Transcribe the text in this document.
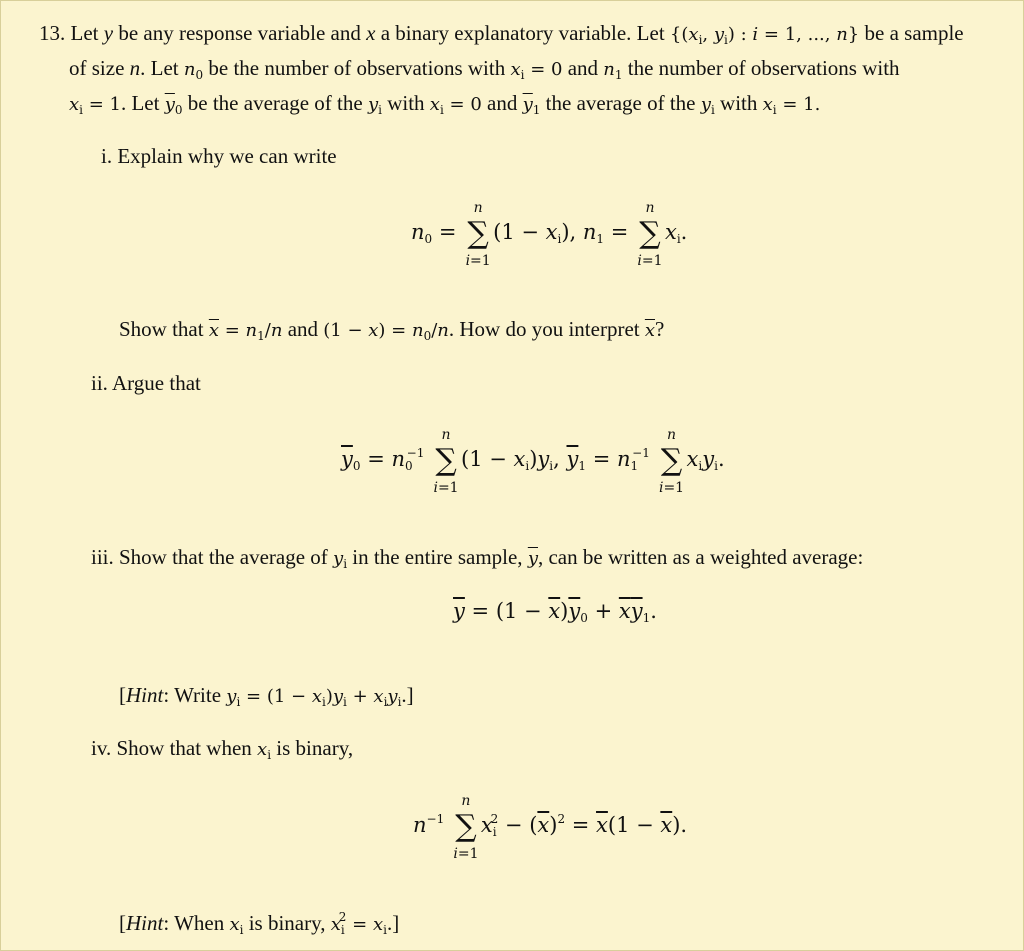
13. Let y be any response variable and x a binary explanatory variable. Let {($x_i$, $y_i$) : i = 1, ..., n} be a sample
of size n. Let $n_0$ be the number of observations with $x_i = 0$ and $n_1$ the number of observations with
$x_i = 1$. Let $\overline{y}_0$ be the average of the $y_i$ with $x_i = 0$ and $\overline{y}_1$ the average of the $y_i$ with $x_i = 1$.
i. Explain why we can write
$n_0$ = ∑
n
i=1
$(1 - x_i)$, $n_1$ = ∑
n
i=1
$x_i$.
Show that $\overline{x} = n_1/n$ and $(1 - x) = n_0/n$. How do you interpret $\overline{x}$?
ii. Argue that
$\overline{y}_0 = n_0^{-1}$ ∑
n
i=1
$(1 - x_i)y_i$, $\overline{y}_1 = n_1^{-1}$ ∑
n
i=1
$x_iy_i$.
iii. Show that the average of $y_i$ in the entire sample, $\overline{y}$, can be written as a weighted average:
$\overline{y} = (1 - \overline{x})\overline{y}_0 + \overline{x}\overline{y}_1$.
[Hint: Write $y_i = (1 - x_i)y_i + x_iy_i$.]
iv. Show that when $x_i$ is binary,
$n^{-1}$ ∑
n
i=1
$x_i^2 - (\overline{x})^2 = \overline{x}(1 - \overline{x})$.
[Hint: When $x_i$ is binary, $x_i^2 = x_i$.]
